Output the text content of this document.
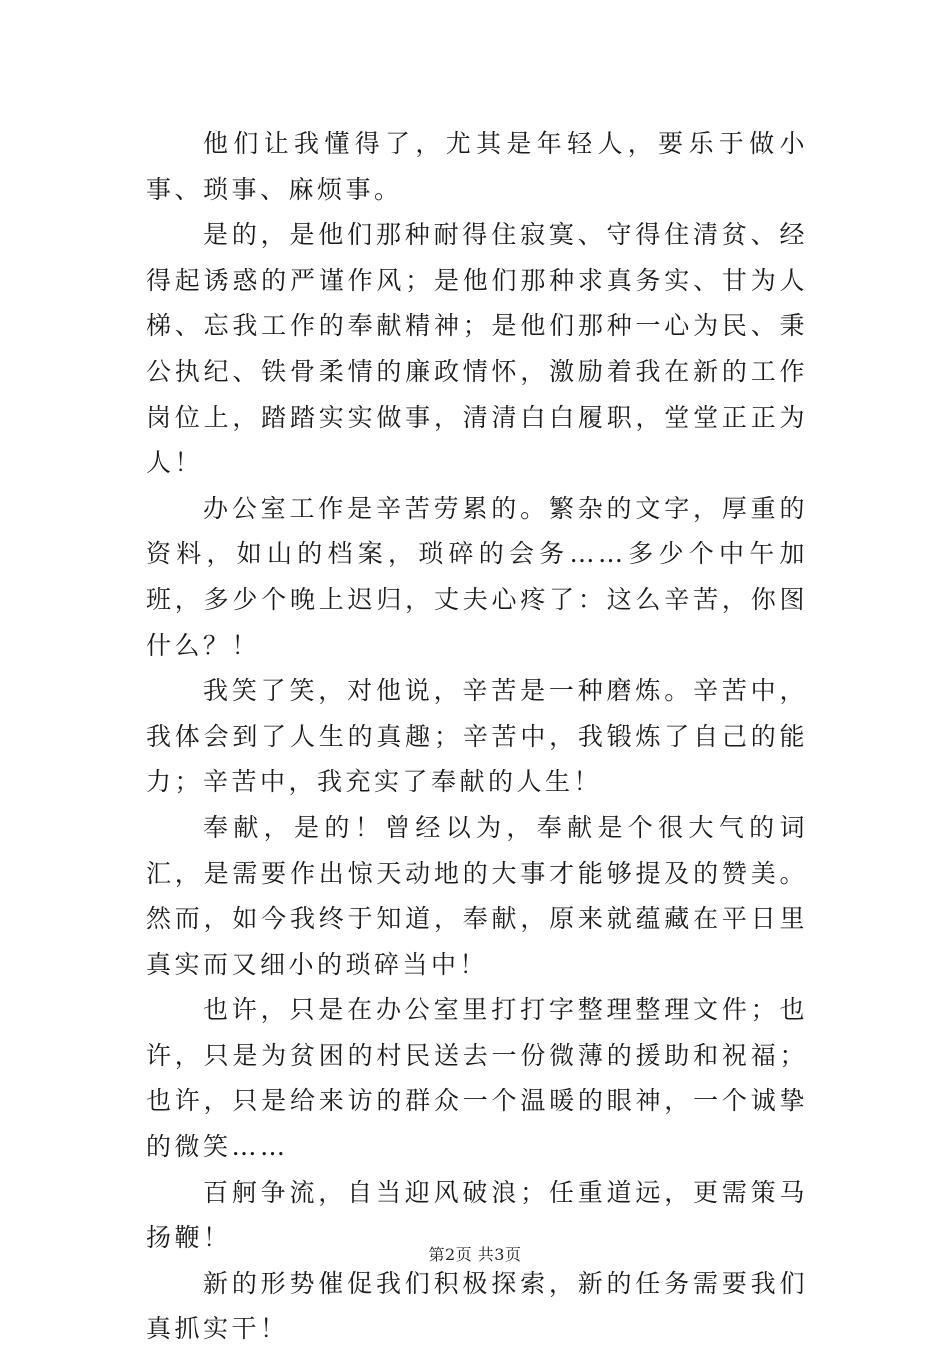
他们让我懂得了，尤其是年轻人，要乐于做小事、琐事、麻烦事。

是的，是他们那种耐得住寂寞、守得住清贫、经得起诱惑的严谨作风；是他们那种求真务实、甘为人梯、忘我工作的奉献精神；是他们那种一心为民、秉公执纪、铁骨柔情的廉政情怀，激励着我在新的工作岗位上，踏踏实实做事，清清白白履职，堂堂正正为人！

办公室工作是辛苦劳累的。繁杂的文字，厚重的资料，如山的档案，琐碎的会务……多少个中午加班，多少个晚上迟归，丈夫心疼了：这么辛苦，你图什么？！

我笑了笑，对他说，辛苦是一种磨炼。辛苦中，我体会到了人生的真趣；辛苦中，我锻炼了自己的能力；辛苦中，我充实了奉献的人生！

奉献，是的！曾经以为，奉献是个很大气的词汇，是需要作出惊天动地的大事才能够提及的赞美。然而，如今我终于知道，奉献，原来就蕴藏在平日里真实而又细小的琐碎当中！

也许，只是在办公室里打打字整理整理文件；也许，只是为贫困的村民送去一份微薄的援助和祝福；也许，只是给来访的群众一个温暖的眼神，一个诚挚的微笑……

百舸争流，自当迎风破浪；任重道远，更需策马扬鞭！

新的形势催促我们积极探索，新的任务需要我们真抓实干！

第2页 共3页
